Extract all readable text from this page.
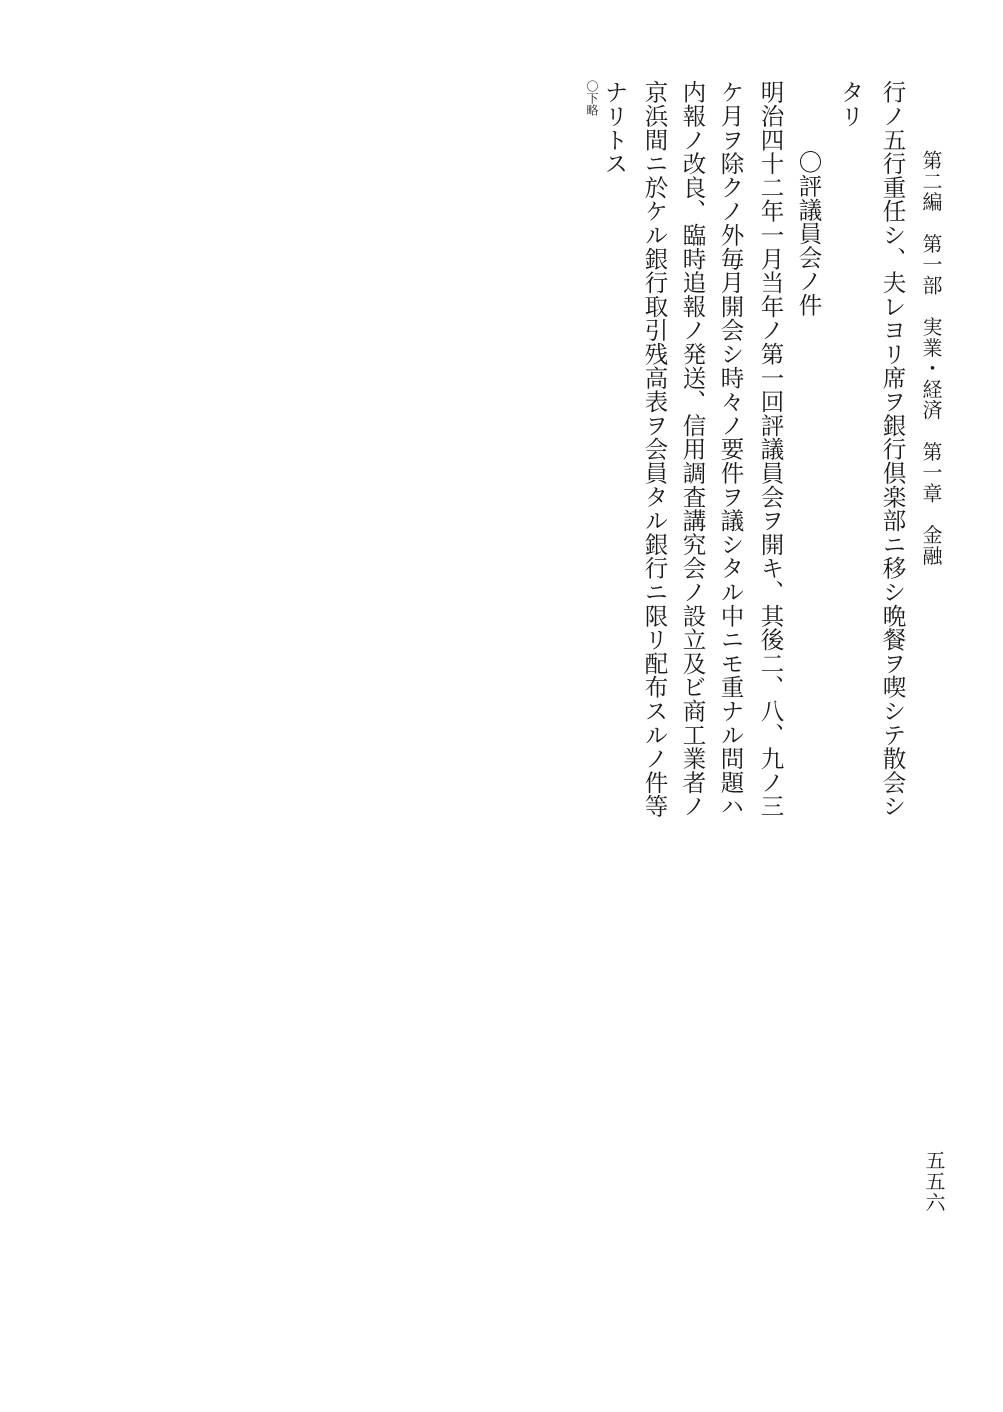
第二編　第一部　実業・経済　第一章　金融
行ノ五行重任シ、夫レヨリ席ヲ銀行倶楽部ニ移シ晩餐ヲ喫シテ散会シ
タリ
〇評議員会ノ件
明治四十二年一月当年ノ第一回評議員会ヲ開キ、其後二、八、九ノ三
ケ月ヲ除クノ外毎月開会シ時々ノ要件ヲ議シタル中ニモ重ナル問題ハ
内報ノ改良、臨時追報ノ発送、信用調査講究会ノ設立及ビ商工業者ノ
京浜間ニ於ケル銀行取引残高表ヲ会員タル銀行ニ限リ配布スルノ件等
ナリトス
〇下略
五五六
